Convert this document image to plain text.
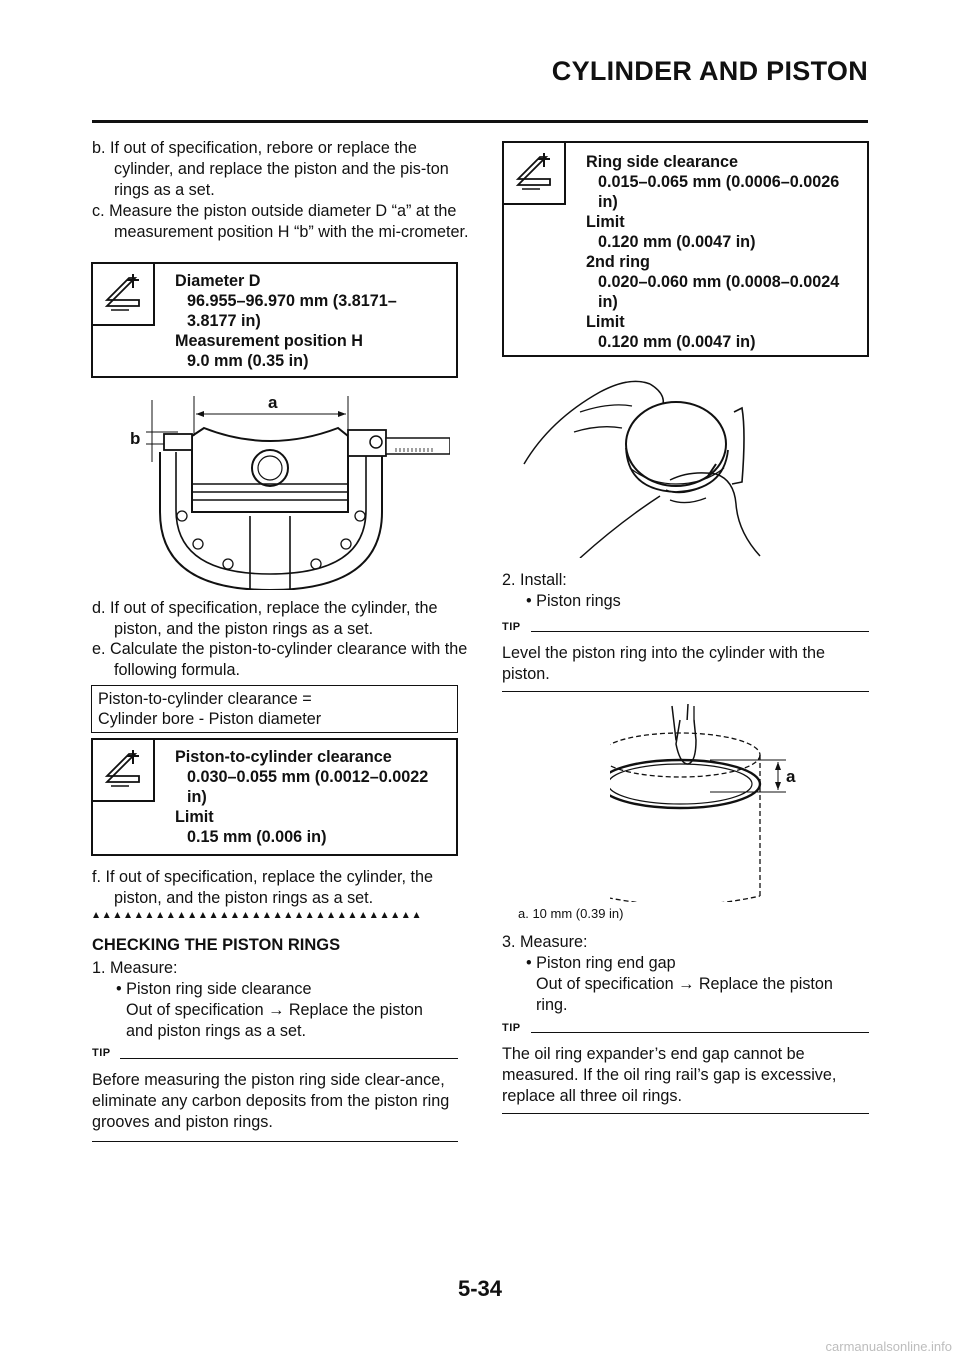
CYLINDER AND PISTON
b. If out of specification, rebore or replace the cylinder, and replace the piston and the pis-ton rings as a set.
c. Measure the piston outside diameter D “a” at the measurement position H “b” with the mi-crometer.
Diameter D
96.955–96.970 mm (3.8171–
3.8177 in)
Measurement position H
9.0 mm (0.35 in)
a
b
d. If out of specification, replace the cylinder, the piston, and the piston rings as a set.
e. Calculate the piston-to-cylinder clearance with the following formula.
Piston-to-cylinder clearance =
Cylinder bore - Piston diameter
Piston-to-cylinder clearance
0.030–0.055 mm (0.0012–0.0022
in)
Limit
0.15 mm (0.006 in)
f. If out of specification, replace the cylinder, the piston, and the piston rings as a set.
▲▲▲▲▲▲▲▲▲▲▲▲▲▲▲▲▲▲▲▲▲▲▲▲▲▲▲▲▲▲▲
CHECKING THE PISTON RINGS
1. Measure:
• Piston ring side clearance
Out of specification → Replace the piston and piston rings as a set.
TIP
Before measuring the piston ring side clear-ance, eliminate any carbon deposits from the piston ring grooves and piston rings.
Ring side clearance
0.015–0.065 mm (0.0006–0.0026
in)
Limit
0.120 mm (0.0047 in)
2nd ring
0.020–0.060 mm (0.0008–0.0024
in)
Limit
0.120 mm (0.0047 in)
2. Install:
• Piston rings
TIP
Level the piston ring into the cylinder with the piston.
a
a. 10 mm (0.39 in)
3. Measure:
• Piston ring end gap
Out of specification → Replace the piston ring.
TIP
The oil ring expander’s end gap cannot be measured. If the oil ring rail’s gap is excessive, replace all three oil rings.
5-34
carmanualsonline.info
